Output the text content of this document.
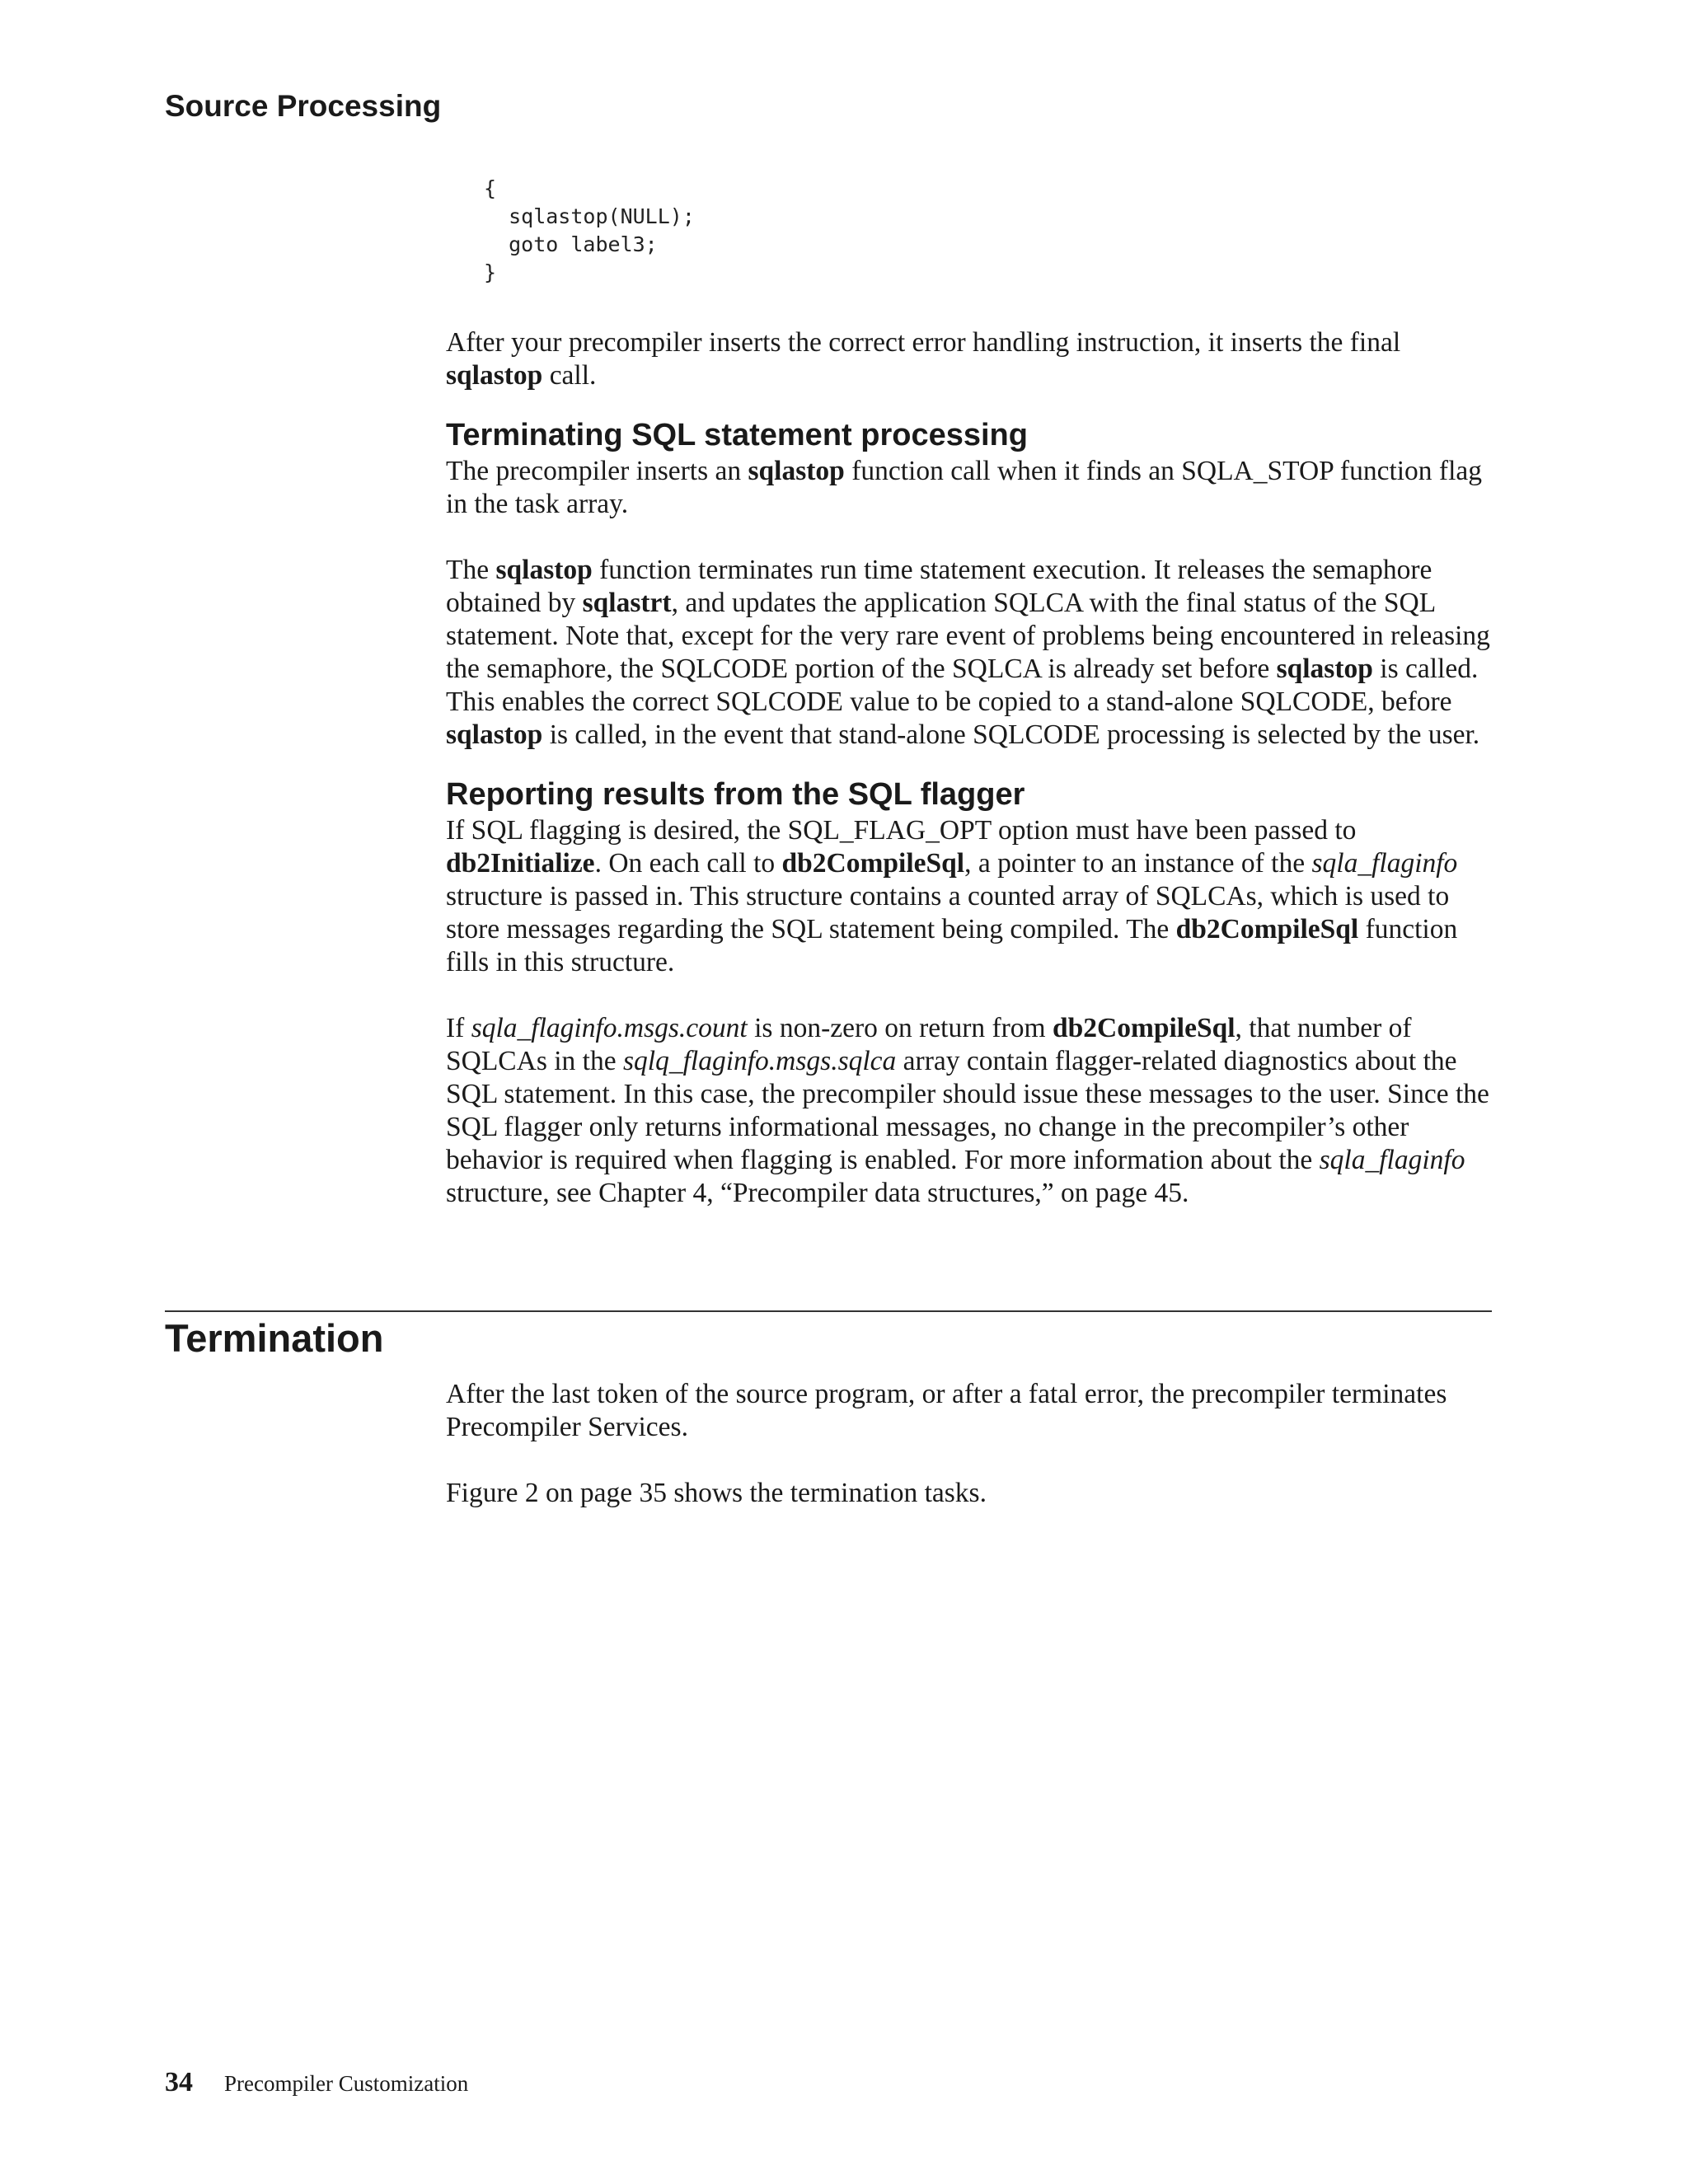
Source Processing
{
sqlastop(NULL);
goto label3;
}

After your precompiler inserts the correct error handling instruction, it inserts the final sqlastop call.

Terminating SQL statement processing

The precompiler inserts an sqlastop function call when it finds an SQLA_STOP function flag in the task array.

The sqlastop function terminates run time statement execution. It releases the semaphore obtained by sqlastrt, and updates the application SQLCA with the final status of the SQL statement. Note that, except for the very rare event of problems being encountered in releasing the semaphore, the SQLCODE portion of the SQLCA is already set before sqlastop is called. This enables the correct SQLCODE value to be copied to a stand-alone SQLCODE, before sqlastop is called, in the event that stand-alone SQLCODE processing is selected by the user.

Reporting results from the SQL flagger

If SQL flagging is desired, the SQL_FLAG_OPT option must have been passed to db2Initialize. On each call to db2CompileSql, a pointer to an instance of the sqla_flaginfo structure is passed in. This structure contains a counted array of SQLCAs, which is used to store messages regarding the SQL statement being compiled. The db2CompileSql function fills in this structure.

If sqla_flaginfo.msgs.count is non-zero on return from db2CompileSql, that number of SQLCAs in the sqlq_flaginfo.msgs.sqlca array contain flagger-related diagnostics about the SQL statement. In this case, the precompiler should issue these messages to the user. Since the SQL flagger only returns informational messages, no change in the precompiler’s other behavior is required when flagging is enabled. For more information about the sqla_flaginfo structure, see Chapter 4, “Precompiler data structures,” on page 45.

Termination

After the last token of the source program, or after a fatal error, the precompiler terminates Precompiler Services.

Figure 2 on page 35 shows the termination tasks.

34 Precompiler Customization
